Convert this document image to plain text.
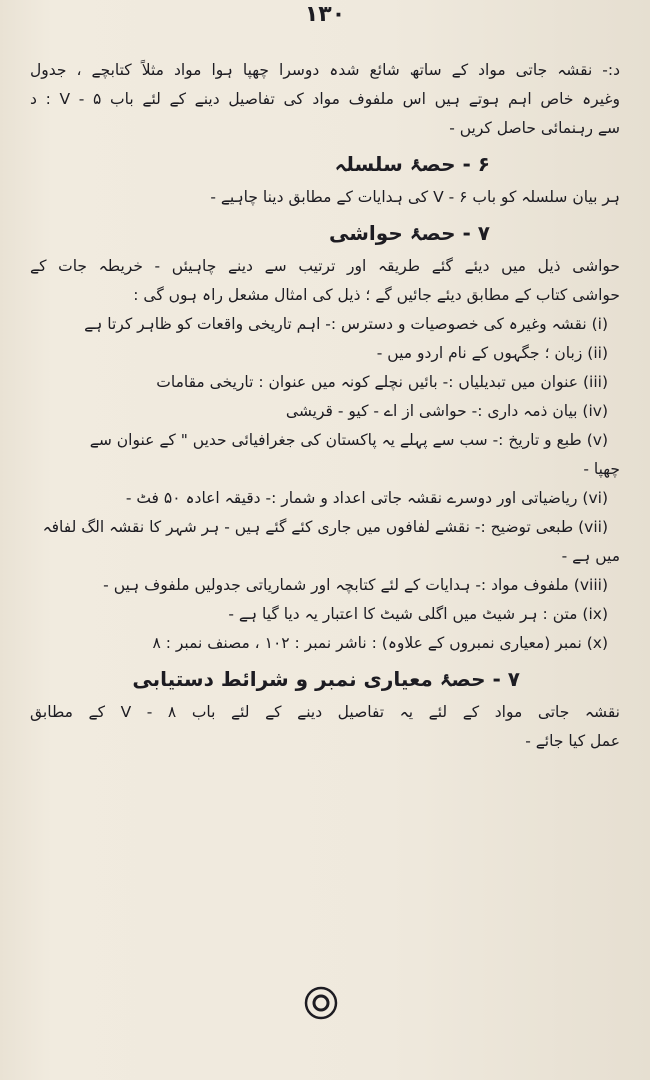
١٣٠

د:- نقشہ جاتی مواد کے ساتھ شائع شدہ دوسرا چھپا ہوا مواد مثلاً کتابچے ، جدول

وغیرہ خاص اہم ہوتے ہیں اس ملفوف مواد کی تفاصیل دینے کے لئے باب V - ۵ : د

سے رہنمائی حاصل کریں -

۶ - حصۂ سلسلہ

ہر بیان سلسلہ کو باب V - ۶ کی ہدایات کے مطابق دینا چاہیے -

۷ - حصۂ حواشی

حواشی ذیل میں دیئے گئے طریقہ اور ترتیب سے دینے چاہیئں - خریطہ جات کے

حواشی کتاب کے مطابق دیئے جائیں گے ؛ ذیل کی امثال مشعل راہ ہوں گی :

(i) نقشہ وغیرہ کی خصوصیات و دسترس :- اہم تاریخی واقعات کو ظاہر کرتا ہے

(ii) زبان ؛ جگہوں کے نام اردو میں -

(iii) عنوان میں تبدیلیاں :- بائیں نچلے کونہ میں عنوان : تاریخی مقامات

(iv) بیان ذمہ داری :- حواشی از اے - کیو - قریشی

(v) طبع و تاریخ :- سب سے پہلے یہ پاکستان کی جغرافیائی حدیں " کے عنوان سے

چھپا -

(vi) ریاضیاتی اور دوسرے نقشہ جاتی اعداد و شمار :- دقیقہ اعادہ ۵۰ فٹ -

(vii) طبعی توضیح :- نقشے لفافوں میں جاری کئے گئے ہیں - ہر شہر کا نقشہ الگ لفافہ

میں ہے -

(viii) ملفوف مواد :- ہدایات کے لئے کتابچہ اور شماریاتی جدولیں ملفوف ہیں -

(ix) متن : ہر شیٹ میں اگلی شیٹ کا اعتبار یہ دیا گیا ہے -

(x) نمبر (معیاری نمبروں کے علاوہ) : ناشر نمبر : ۱۰۲ ، مصنف نمبر : ۸

۷ - حصۂ معیاری نمبر و شرائط دستیابی

نقشہ جاتی مواد کے لئے یہ تفاصیل دینے کے لئے باب V - ۸ کے مطابق

عمل کیا جائے -
